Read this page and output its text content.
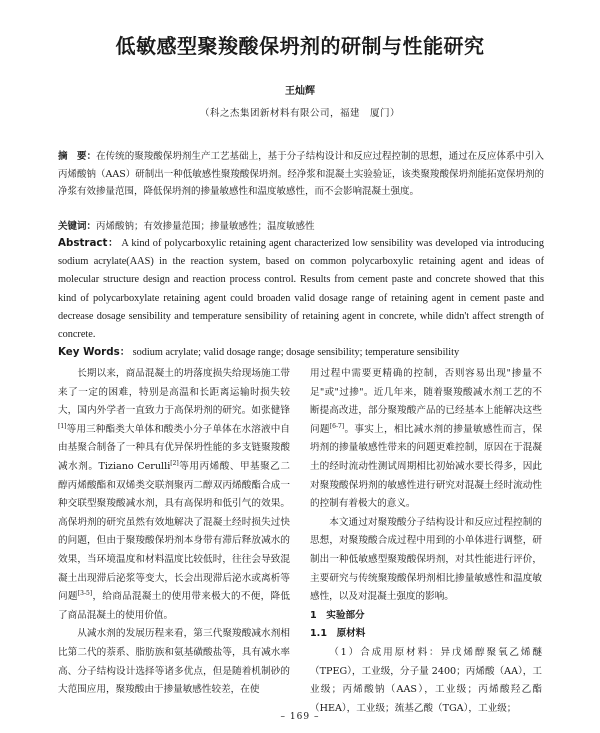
低敏感型聚羧酸保坍剂的研制与性能研究
王灿辉
（科之杰集团新材料有限公司，福建　厦门）
摘　要：在传统的聚羧酸保坍剂生产工艺基础上，基于分子结构设计和反应过程控制的思想，通过在反应体系中引入丙烯酸钠（AAS）研制出一种低敏感性聚羧酸保坍剂。经净浆和混凝土实验验证，该类聚羧酸保坍剂能拓宽保坍剂的净浆有效掺量范围，降低保坍剂的掺量敏感性和温度敏感性，而不会影响混凝土强度。
关键词：丙烯酸钠；有效掺量范围；掺量敏感性；温度敏感性
Abstract： A kind of polycarboxylic retaining agent characterized low sensibility was developed via introducing sodium acrylate(AAS) in the reaction system, based on common polycarboxylic retaining agent and ideas of molecular structure design and reaction process control. Results from cement paste and concrete showed that this kind of polycarboxylate retaining agent could broaden valid dosage range of retaining agent in cement paste and decrease dosage sensibility and temperature sensibility of retaining agent in concrete, while didn't affect strength of concrete.
Key Words： sodium acrylate; valid dosage range; dosage sensibility; temperature sensibility

长期以来，商品混凝土的坍落度损失给现场施工带来了一定的困难，特别是高温和长距离运输时损失较大，国内外学者一直致力于高保坍剂的研究。如张健锋[1]等用三种酯类大单体和酸类小分子单体在水溶液中自由基聚合制备了一种具有优异保坍性能的多支链聚羧酸减水剂。Tiziano Cerulli[2]等用丙烯酸、甲基聚乙二醇丙烯酸酯和双烯类交联剂聚丙二醇双丙烯酸酯合成一种交联型聚羧酸减水剂，具有高保坍和低引气的效果。高保坍剂的研究虽然有效地解决了混凝土经时损失过快的问题，但由于聚羧酸保坍剂本身带有滞后释放减水的效果，当环境温度和材料温度比较低时，往往会导致混凝土出现滞后泌浆等变大，长会出现滞后泌水或离析等问题[3-5]，给商品混凝土的使用带来极大的不便，降低了商品混凝土的使用价值。

从减水剂的发展历程来看，第三代聚羧酸减水剂相比第二代的萘系、脂肪族和氨基磺酸盐等，具有减水率高、分子结构设计选择等诸多优点，但是随着机制砂的大范围应用，聚羧酸由于掺量敏感性较差，在使

用过程中需要更精确的控制，否则容易出现"掺量不足"或"过掺"。近几年来，随着聚羧酸减水剂工艺的不断提高改进，部分聚羧酸产品的已经基本上能解决这些问题[6-7]。事实上，相比减水剂的掺量敏感性而言，保坍剂的掺量敏感性带来的问题更难控制，原因在于混凝土的经时流动性测试周期相比初始减水要长得多，因此对聚羧酸保坍剂的敏感性进行研究对混凝土经时流动性的控制有着极大的意义。

本文通过对聚羧酸分子结构设计和反应过程控制的思想，对聚羧酸合成过程中用到的小单体进行调整，研制出一种低敏感型聚羧酸保坍剂，对其性能进行评价，主要研究与传统聚羧酸保坍剂相比掺量敏感性和温度敏感性，以及对混凝土强度的影响。

1　实验部分

1.1　原材料

（1）合成用原材料：异戊烯醇聚氧乙烯醚（TPEG），工业级，分子量 2400；丙烯酸（AA），工业级；丙烯酸钠（AAS），工业级；丙烯酸羟乙酯（HEA），工业级；巯基乙酸（TGA），工业级；

– 169 –
